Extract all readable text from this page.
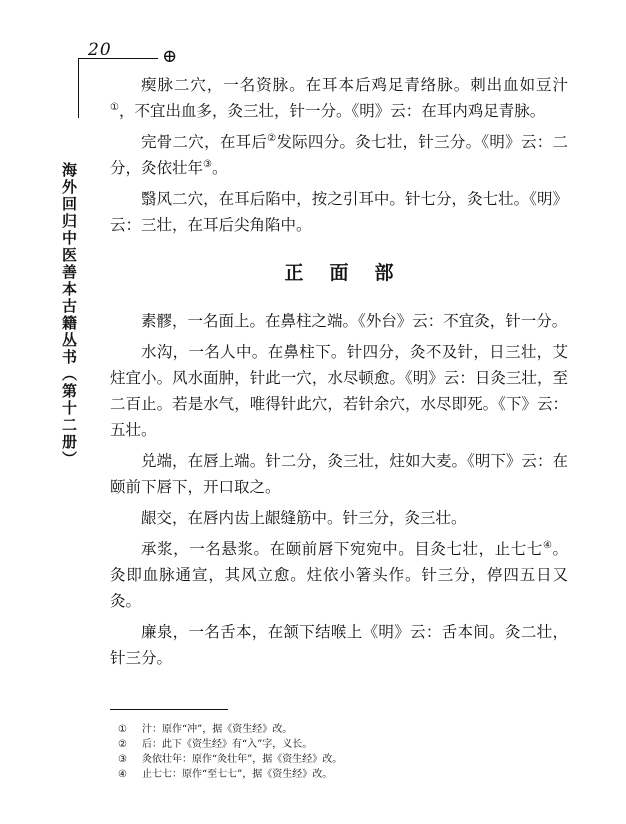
20	⊕
海外回归中医善本古籍丛书（第十二册）

瘈脉二穴，一名资脉。在耳本后鸡足青络脉。刺出血如豆汁①，不宜出血多，灸三壮，针一分。《明》云：在耳内鸡足青脉。

完骨二穴，在耳后②发际四分。灸七壮，针三分。《明》云：二分，灸依壮年③。

翳风二穴，在耳后陷中，按之引耳中。针七分，灸七壮。《明》云：三壮，在耳后尖角陷中。

正面部

素髎，一名面上。在鼻柱之端。《外台》云：不宜灸，针一分。

水沟，一名人中。在鼻柱下。针四分，灸不及针，日三壮，艾炷宜小。风水面肿，针此一穴，水尽顿愈。《明》云：日灸三壮，至二百止。若是水气，唯得针此穴，若针余穴，水尽即死。《下》云：五壮。

兑端，在唇上端。针二分，灸三壮，炷如大麦。《明下》云：在颐前下唇下，开口取之。

龈交，在唇内齿上龈缝筋中。针三分，灸三壮。

承浆，一名悬浆。在颐前唇下宛宛中。目灸七壮，止七七④。灸即血脉通宣，其风立愈。炷依小箸头作。针三分，停四五日又灸。

廉泉，一名舌本，在颔下结喉上《明》云：舌本间。灸二壮，针三分。

① 汁：原作“冲”，据《资生经》改。
② 后：此下《资生经》有“入”字，义长。
③ 灸依壮年：原作“灸壮年”，据《资生经》改。
④ 止七七：原作“至七七”，据《资生经》改。
